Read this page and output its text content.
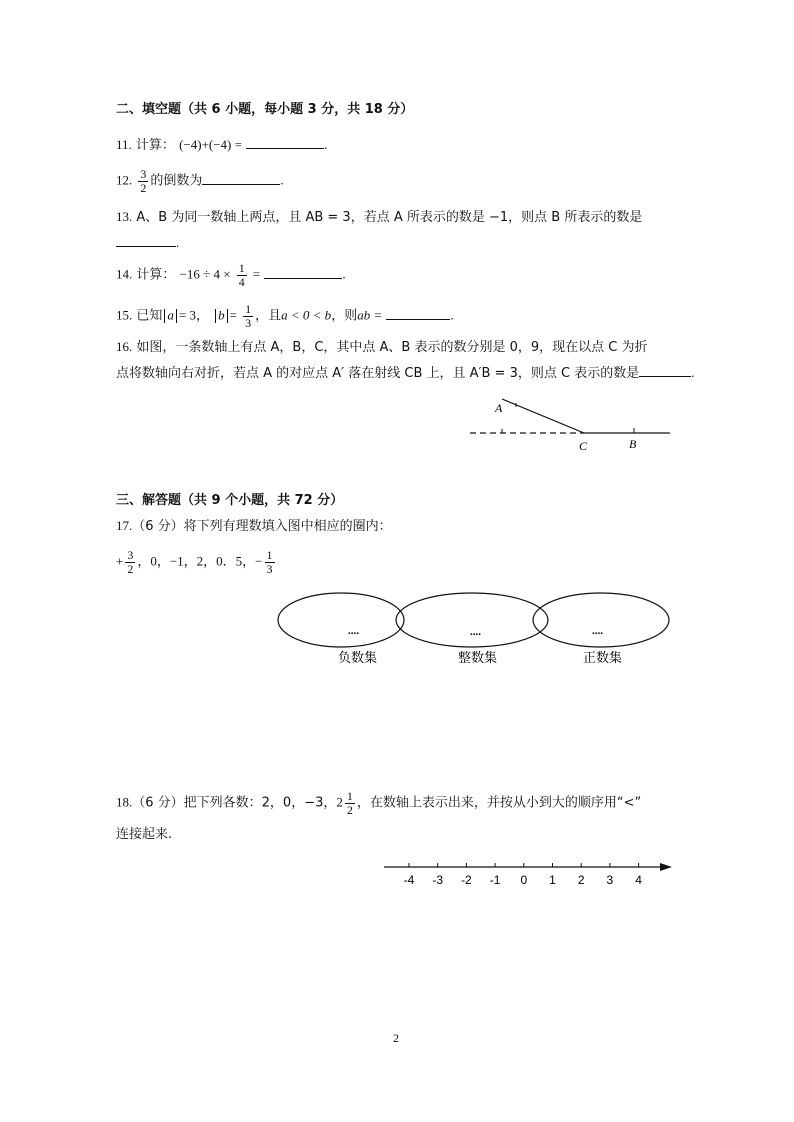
二、填空题（共 6 小题，每小题 3 分，共 18 分）
11. 计算： (−4)+(−4) =	.
12. $\frac{3}{2}$ 的倒数为	.
13. A、B 为同一数轴上两点，且 AB = 3，若点 A 所表示的数是 −1，则点 B 所表示的数是
.
14. 计算： $-16 \div 4 \times \frac{1}{4}$ =	.
15. 已知 a = 3， $b = \frac{1}{3}$ ，且a < 0 < b，则ab =	.
16. 如图，一条数轴上有点 A，B，C，其中点 A、B 表示的数分别是 0，9，现在以点 C 为折
点将数轴向右对折，若点 A 的对应点 A′ 落在射线 CB 上，且 A′B = 3，则点 C 表示的数是	.
A
C	B
三、解答题（共 9 个小题，共 72 分）
17.（6 分）将下列有理数填入图中相应的圈内：
+ $\frac{3}{2}$ ，0，−1，2，0．5，− $\frac{1}{3}$
....	....	....
负数集	整数集	正数集
18.（6 分）把下列各数：2，0，−3，$2 \frac{1}{2}$ ，在数轴上表示出来，并按从小到大的顺序用“<”
连接起来.
-4 -3 -2 -1 0 1 2 3 4
2
